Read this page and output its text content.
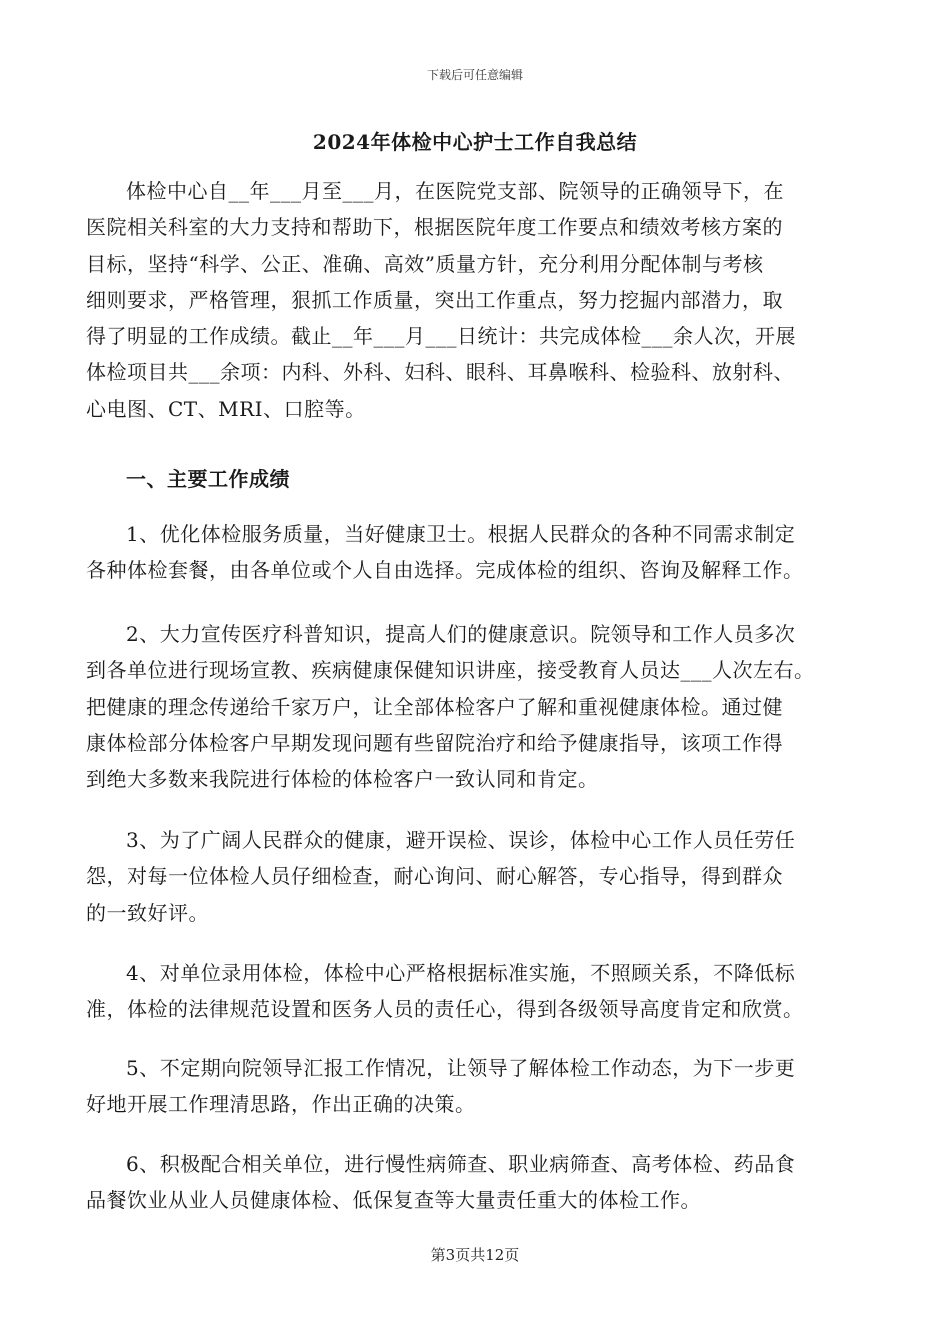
下载后可任意编辑
2024年体检中心护士工作自我总结
体检中心自__年___月至___月，在医院党支部、院领导的正确领导下，在
医院相关科室的大力支持和帮助下，根据医院年度工作要点和绩效考核方案的
目标，坚持“科学、公正、准确、高效”质量方针，充分利用分配体制与考核
细则要求，严格管理，狠抓工作质量，突出工作重点，努力挖掘内部潜力，取
得了明显的工作成绩。截止__年___月___日统计：共完成体检___余人次，开展
体检项目共___余项：内科、外科、妇科、眼科、耳鼻喉科、检验科、放射科、
心电图、CT、MRI、口腔等。
一、主要工作成绩
1、优化体检服务质量，当好健康卫士。根据人民群众的各种不同需求制定
各种体检套餐，由各单位或个人自由选择。完成体检的组织、咨询及解释工作。
2、大力宣传医疗科普知识，提高人们的健康意识。院领导和工作人员多次
到各单位进行现场宣教、疾病健康保健知识讲座，接受教育人员达___人次左右。
把健康的理念传递给千家万户，让全部体检客户了解和重视健康体检。通过健
康体检部分体检客户早期发现问题有些留院治疗和给予健康指导，该项工作得
到绝大多数来我院进行体检的体检客户一致认同和肯定。
3、为了广阔人民群众的健康，避开误检、误诊，体检中心工作人员任劳任
怨，对每一位体检人员仔细检查，耐心询问、耐心解答，专心指导，得到群众
的一致好评。
4、对单位录用体检，体检中心严格根据标准实施，不照顾关系，不降低标
准，体检的法律规范设置和医务人员的责任心，得到各级领导高度肯定和欣赏。
5、不定期向院领导汇报工作情况，让领导了解体检工作动态，为下一步更
好地开展工作理清思路，作出正确的决策。
6、积极配合相关单位，进行慢性病筛查、职业病筛查、高考体检、药品食
品餐饮业从业人员健康体检、低保复查等大量责任重大的体检工作。
第3页共12页
